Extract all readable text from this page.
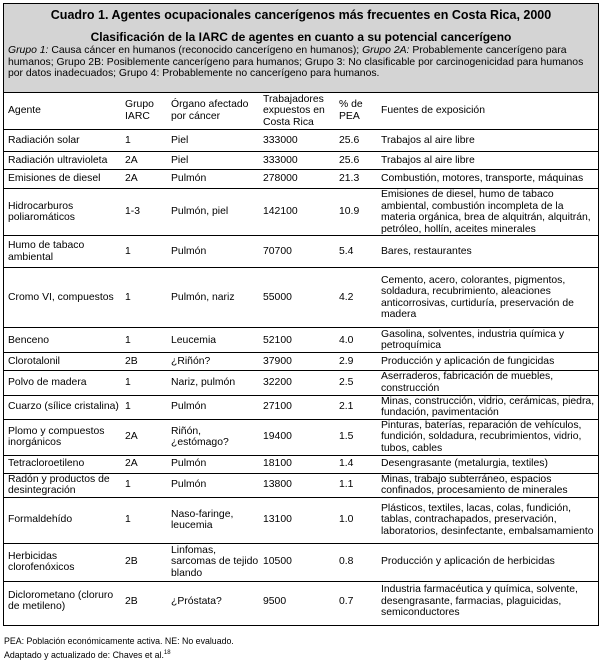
Cuadro 1. Agentes ocupacionales cancerígenos más frecuentes en Costa Rica, 2000
Clasificación de la IARC de agentes en cuanto a su potencial cancerígeno
Grupo 1: Causa cáncer en humanos (reconocido cancerígeno en humanos); Grupo 2A: Probablemente cancerígeno para humanos; Grupo 2B: Posiblemente cancerígeno para humanos; Grupo 3: No clasificable por carcinogenicidad para humanos por datos inadecuados; Grupo 4: Probablemente no cancerígeno para humanos.
Agente	Grupo IARC	Órgano afectado por cáncer	Trabajadores expuestos en Costa Rica	% de PEA	Fuentes de exposición
Radiación solar	1	Piel	333000	25.6	Trabajos al aire libre
Radiación ultravioleta	2A	Piel	333000	25.6	Trabajos al aire libre
Emisiones de diesel	2A	Pulmón	278000	21.3	Combustión, motores, transporte, máquinas
Hidrocarburos poliaromáticos	1-3	Pulmón, piel	142100	10.9	Emisiones de diesel, humo de tabaco ambiental, combustión incompleta de la materia orgánica, brea de alquitrán, alquitrán, petróleo, hollín, aceites minerales
Humo de tabaco ambiental	1	Pulmón	70700	5.4	Bares, restaurantes
Cromo VI, compuestos	1	Pulmón, nariz	55000	4.2	Cemento, acero, colorantes, pigmentos, soldadura, recubrimiento, aleaciones anticorrosivas, curtiduría, preservación de madera
Benceno	1	Leucemia	52100	4.0	Gasolina, solventes, industria química y petroquímica
Clorotalonil	2B	¿Riñón?	37900	2.9	Producción y aplicación de fungicidas
Polvo de madera	1	Nariz, pulmón	32200	2.5	Aserraderos, fabricación de muebles, construcción
Cuarzo (sílice cristalina)	1	Pulmón	27100	2.1	Minas, construcción, vidrio, cerámicas, piedra, fundación, pavimentación
Plomo y compuestos inorgánicos	2A	Riñón, ¿estómago?	19400	1.5	Pinturas, baterías, reparación de vehículos, fundición, soldadura, recubrimientos, vidrio, tubos, cables
Tetracloroetileno	2A	Pulmón	18100	1.4	Desengrasante (metalurgia, textiles)
Radón y productos de desintegración	1	Pulmón	13800	1.1	Minas, trabajo subterráneo, espacios confinados, procesamiento de minerales
Formaldehído	1	Naso-faringe, leucemia	13100	1.0	Plásticos, textiles, lacas, colas, fundición, tablas, contrachapados, preservación, laboratorios, desinfectante, embalsamamiento
Herbicidas clorofenóxicos	2B	Linfomas, sarcomas de tejido blando	10500	0.8	Producción y aplicación de herbicidas
Diclorometano (cloruro de metileno)	2B	¿Próstata?	9500	0.7	Industria farmacéutica y química, solvente, desengrasante, farmacias, plaguicidas, semiconductores
PEA: Población económicamente activa. NE: No evaluado.
Adaptado y actualizado de: Chaves et al.$^{18}$
